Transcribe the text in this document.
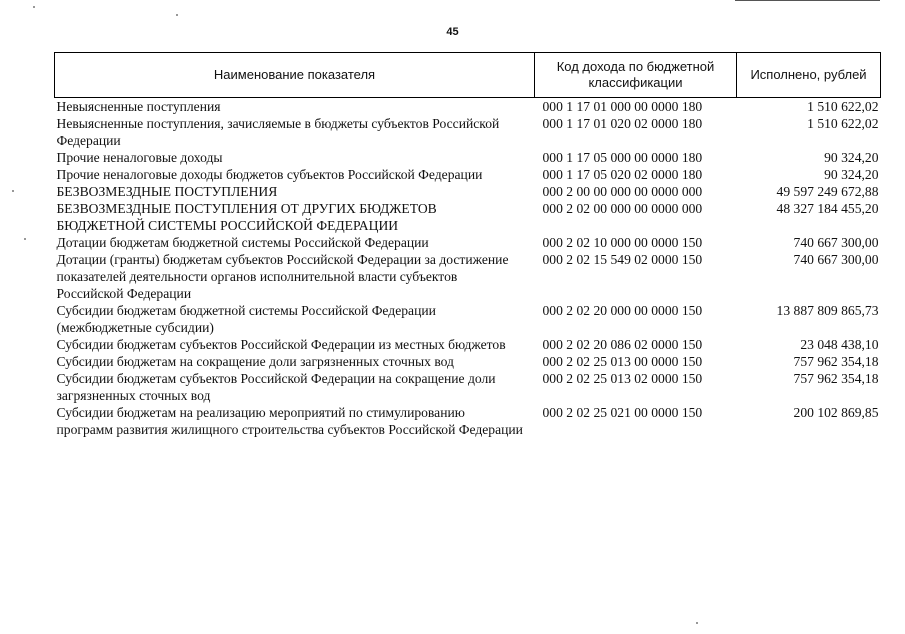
45
Наименование показателя	Код дохода по бюджетной классификации	Исполнено, рублей
Невыясненные поступления	000 1 17 01 000 00 0000 180	1 510 622,02
Невыясненные поступления, зачисляемые в бюджеты субъектов Российской Федерации	000 1 17 01 020 02 0000 180	1 510 622,02
Прочие неналоговые доходы	000 1 17 05 000 00 0000 180	90 324,20
Прочие неналоговые доходы бюджетов субъектов Российской Федерации	000 1 17 05 020 02 0000 180	90 324,20
БЕЗВОЗМЕЗДНЫЕ ПОСТУПЛЕНИЯ	000 2 00 00 000 00 0000 000	49 597 249 672,88
БЕЗВОЗМЕЗДНЫЕ ПОСТУПЛЕНИЯ ОТ ДРУГИХ БЮДЖЕТОВ БЮДЖЕТНОЙ СИСТЕМЫ РОССИЙСКОЙ ФЕДЕРАЦИИ	000 2 02 00 000 00 0000 000	48 327 184 455,20
Дотации бюджетам бюджетной системы Российской Федерации	000 2 02 10 000 00 0000 150	740 667 300,00
Дотации (гранты) бюджетам субъектов Российской Федерации за достижение показателей деятельности органов исполнительной власти субъектов Российской Федерации	000 2 02 15 549 02 0000 150	740 667 300,00
Субсидии бюджетам бюджетной системы Российской Федерации (межбюджетные субсидии)	000 2 02 20 000 00 0000 150	13 887 809 865,73
Субсидии бюджетам субъектов Российской Федерации из местных бюджетов	000 2 02 20 086 02 0000 150	23 048 438,10
Субсидии бюджетам на сокращение доли загрязненных сточных вод	000 2 02 25 013 00 0000 150	757 962 354,18
Субсидии бюджетам субъектов Российской Федерации на сокращение доли загрязненных сточных вод	000 2 02 25 013 02 0000 150	757 962 354,18
Субсидии бюджетам на реализацию мероприятий по стимулированию программ развития жилищного строительства субъектов Российской Федерации	000 2 02 25 021 00 0000 150	200 102 869,85
